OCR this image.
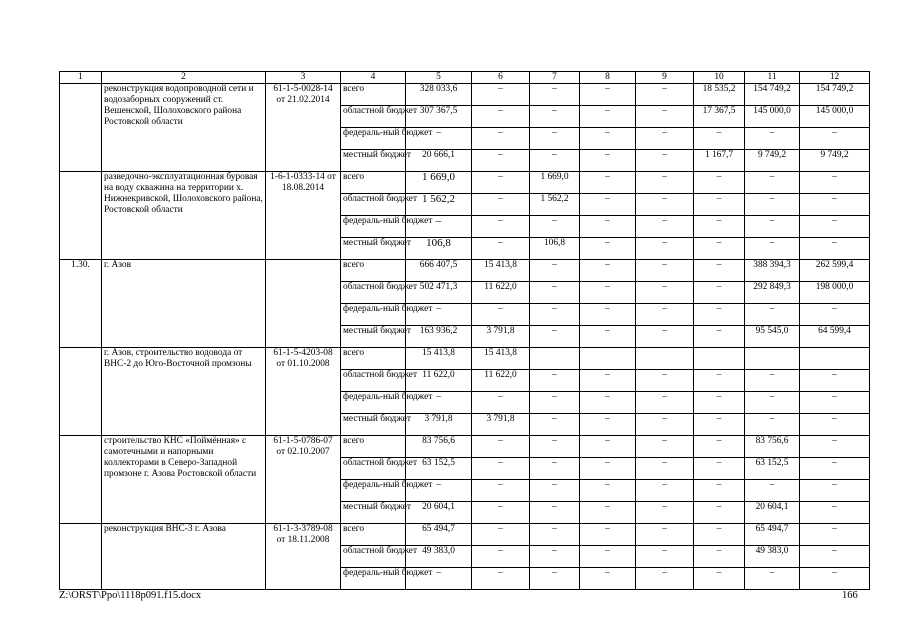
1	2	3	4	5	6	7	8	9	10	11	12
	реконструкция водопроводной сети и водозаборных сооружений ст. Вешенской, Шолоховского района Ростовской области	61-1-5-0028-14 от 21.02.2014	всего	328 033,6	–	–	–	–	18 535,2	154 749,2	154 749,2
			областной бюджет	307 367,5	–	–	–	–	17 367,5	145 000,0	145 000,0
			федераль-ный бюджет	–	–	–	–	–	–	–	–
			местный бюджет	20 666,1	–	–	–	–	1 167,7	9 749,2	9 749,2
	разведочно-эксплуатационная буровая на воду скважина на территории х. Нижнекривской, Шолоховского района, Ростовской области	1-6-1-0333-14 от 18.08.2014	всего	1 669,0	–	1 669,0	–	–	–	–	–
			областной бюджет	1 562,2	–	1 562,2	–	–	–	–	–
			федераль-ный бюджет	–	–	–	–	–	–	–	–
			местный бюджет	106,8	–	106,8	–	–	–	–	–
1.30.	г. Азов		всего	666 407,5	15 413,8	–	–	–	–	388 394,3	262 599,4
			областной бюджет	502 471,3	11 622,0	–	–	–	–	292 849,3	198 000,0
			федераль-ный бюджет	–	–	–	–	–	–	–	–
			местный бюджет	163 936,2	3 791,8	–	–	–	–	95 545,0	64 599,4
	г. Азов, строительство водовода от ВНС-2 до Юго-Восточной промзоны	61-1-5-4203-08 от 01.10.2008	всего	15 413,8	15 413,8						
			областной бюджет	11 622,0	11 622,0	–	–	–	–	–	–
			федераль-ный бюджет	–	–	–	–	–	–	–	–
			местный бюджет	3 791,8	3 791,8	–	–	–	–	–	–
	строительство КНС «Поймённая» с самотечными и напорными коллекторами в Северо-Западной промзоне г. Азова Ростовской области	61-1-5-0786-07 от 02.10.2007	всего	83 756,6	–	–	–	–	–	83 756,6	–
			областной бюджет	63 152,5	–	–	–	–	–	63 152,5	–
			федераль-ный бюджет	–	–	–	–	–	–	–	–
			местный бюджет	20 604,1	–	–	–	–	–	20 604,1	–
	реконструкция ВНС-3 г. Азова	61-1-3-3789-08 от 18.11.2008	всего	65 494,7	–	–	–	–	–	65 494,7	–
			областной бюджет	49 383,0	–	–	–	–	–	49 383,0	–
			федераль-ный бюджет	–	–	–	–	–	–	–	–
Z:\ORST\Ppo\1118p091.f15.docx	166
